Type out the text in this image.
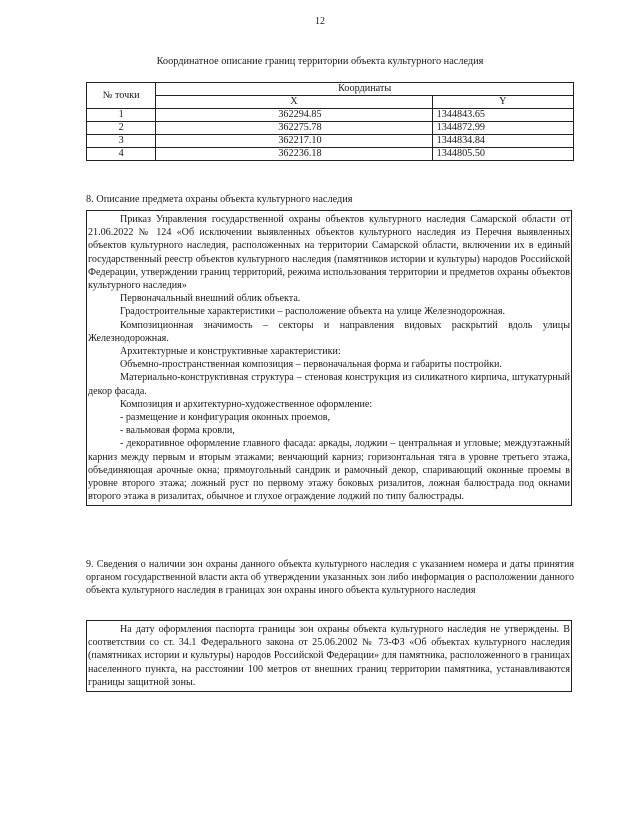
12
Координатное описание границ территории объекта культурного наследия
№ точки	Координаты	
	X	Y
1	362294.85	1344843.65
2	362275.78	1344872.99
3	362217.10	1344834.84
4	362236.18	1344805.50
8. Описание предмета охраны объекта культурного наследия

Приказ Управления государственной охраны объектов культурного наследия Самарской области от 21.06.2022 № 124 «Об исключении выявленных объектов культурного наследия из Перечня выявленных объектов культурного наследия, расположенных на территории Самарской области, включении их в единый государственный реестр объектов культурного наследия (памятников истории и культуры) народов Российской Федерации, утверждении границ территорий, режима использования территории и предметов охраны объектов культурного наследия»

Первоначальный внешний облик объекта.

Градостроительные характеристики – расположение объекта на улице Железнодорожная.

Композиционная значимость – секторы и направления видовых раскрытий вдоль улицы Железнодорожная.

Архитектурные и конструктивные характеристики:

Объемно-пространственная композиция – первоначальная форма и габариты постройки.

Материально-конструктивная структура – стеновая конструкция из силикатного кирпича, штукатурный декор фасада.

Композиция и архитектурно-художественное оформление:

- размещение и конфигурация оконных проемов,

- вальмовая форма кровли,

- декоративное оформление главного фасада: аркады, лоджии – центральная и угловые; междуэтажный карниз между первым и вторым этажами; венчающий карниз; горизонтальная тяга в уровне третьего этажа, объединяющая арочные окна; прямоугольный сандрик и рамочный декор, спаривающий оконные проемы в уровне второго этажа; ложный руст по первому этажу боковых ризалитов, ложная балюстрада под окнами второго этажа в ризалитах, обычное и глухое ограждение лоджий по типу балюстрады.

9. Сведения о наличии зон охраны данного объекта культурного наследия с указанием номера и даты принятия органом государственной власти акта об утверждении указанных зон либо информация о расположении данного объекта культурного наследия в границах зон охраны иного объекта культурного наследия

На дату оформления паспорта границы зон охраны объекта культурного наследия не утверждены. В соответствии со ст. 34.1 Федерального закона от 25.06.2002 № 73-ФЗ «Об объектах культурного наследия (памятниках истории и культуры) народов Российской Федерации» для памятника, расположенного в границах населенного пункта, на расстоянии 100 метров от внешних границ территории памятника, устанавливаются границы защитной зоны.
